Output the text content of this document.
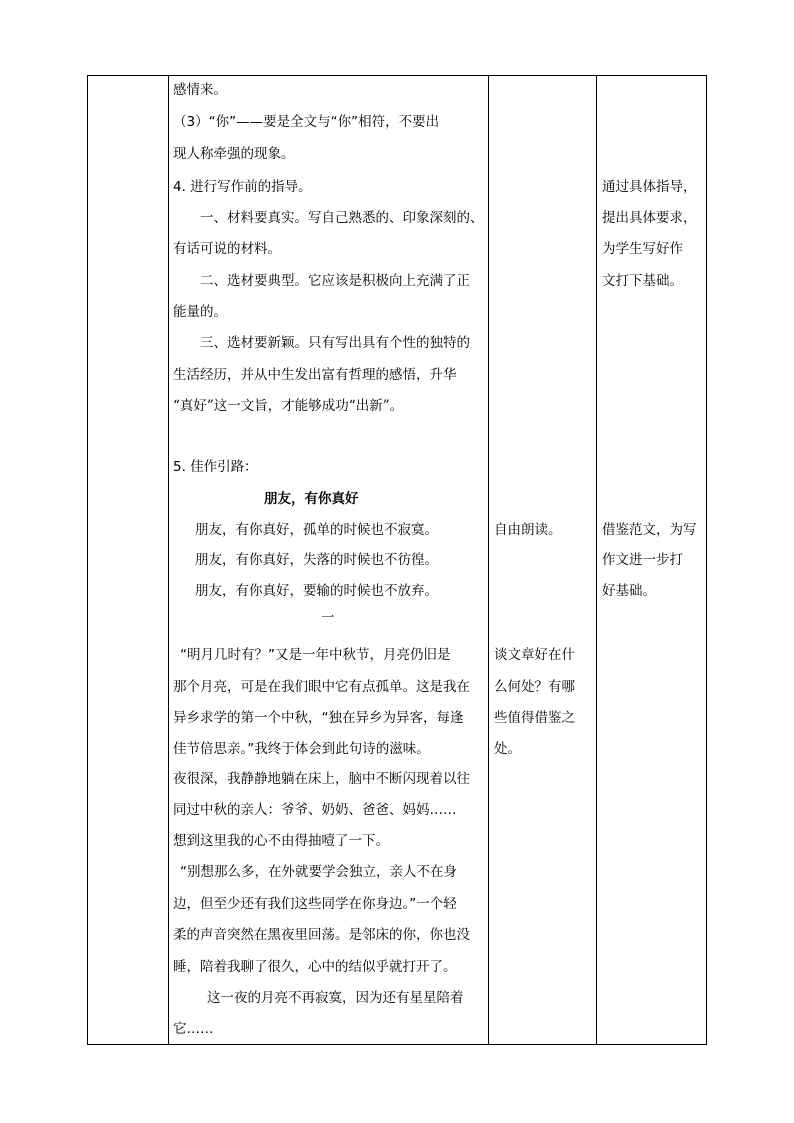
感情来。
（3）“你”——要是全文与“你”相符，不要出
现人称牵强的现象。
4. 进行写作前的指导。
一、材料要真实。写自己熟悉的、印象深刻的、
有话可说的材料。
二、选材要典型。它应该是积极向上充满了正
能量的。
三、选材要新颖。只有写出具有个性的独特的
生活经历，并从中生发出富有哲理的感悟，升华
“真好”这一文旨，才能够成功“出新”。
5. 佳作引路：
朋友，有你真好
朋友，有你真好，孤单的时候也不寂寞。
朋友，有你真好，失落的时候也不彷徨。
朋友，有你真好，要输的时候也不放弃。
一
“明月几时有？”又是一年中秋节，月亮仍旧是
那个月亮，可是在我们眼中它有点孤单。这是我在
异乡求学的第一个中秋，“独在异乡为异客，每逢
佳节倍思亲。”我终于体会到此句诗的滋味。
夜很深，我静静地躺在床上，脑中不断闪现着以往
同过中秋的亲人：爷爷、奶奶、爸爸、妈妈……
想到这里我的心不由得抽噎了一下。
“别想那么多，在外就要学会独立，亲人不在身
边，但至少还有我们这些同学在你身边。”一个轻
柔的声音突然在黑夜里回荡。是邻床的你，你也没
睡，陪着我聊了很久，心中的结似乎就打开了。
这一夜的月亮不再寂寞，因为还有星星陪着
它……
自由朗读。
谈文章好在什
么何处？有哪
些值得借鉴之
处。
通过具体指导，
提出具体要求，
为学生写好作
文打下基础。
借鉴范文，为写
作文进一步打
好基础。
